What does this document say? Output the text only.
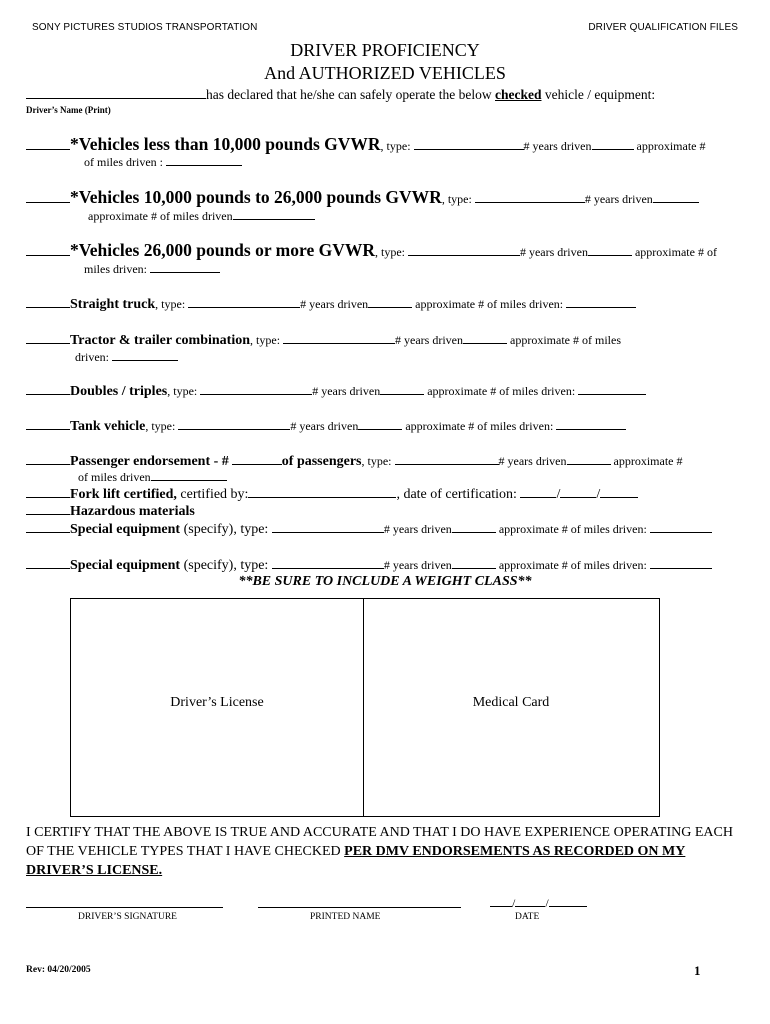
SONY PICTURES STUDIOS TRANSPORTATION	DRIVER QUALIFICATION FILES
DRIVER PROFICIENCY
And AUTHORIZED VEHICLES
has declared that he/she can safely operate the below checked vehicle / equipment:
Driver’s Name (Print)
*Vehicles less than 10,000 pounds GVWR, type:	# years driven	approximate #
of miles driven :
*Vehicles 10,000 pounds to 26,000 pounds GVWR, type:	# years driven
approximate # of miles driven
*Vehicles 26,000 pounds or more GVWR, type:	# years driven	approximate # of
miles driven:
Straight truck, type:	# years driven	approximate # of miles driven:
Tractor & trailer combination, type:	# years driven	approximate # of miles
driven:
Doubles / triples, type:	# years driven	approximate # of miles driven:
Tank vehicle, type:	# years driven	approximate # of miles driven:
Passenger endorsement - #	of passengers, type:	# years driven	approximate #
of miles driven
Fork lift certified, certified by:	, date of certification:	/	/
Hazardous materials
Special equipment (specify), type:	# years driven	approximate # of miles driven:
Special equipment (specify), type:	# years driven	approximate # of miles driven:
**BE SURE TO INCLUDE A WEIGHT CLASS**
Driver’s License	Medical Card
I CERTIFY THAT THE ABOVE IS TRUE AND ACCURATE AND THAT I DO HAVE EXPERIENCE OPERATING EACH OF THE VEHICLE TYPES THAT I HAVE CHECKED PER DMV ENDORSEMENTS AS RECORDED ON MY DRIVER’S LICENSE.
DRIVER’S SIGNATURE	PRINTED NAME
/	/
DATE
Rev: 04/20/2005	1
